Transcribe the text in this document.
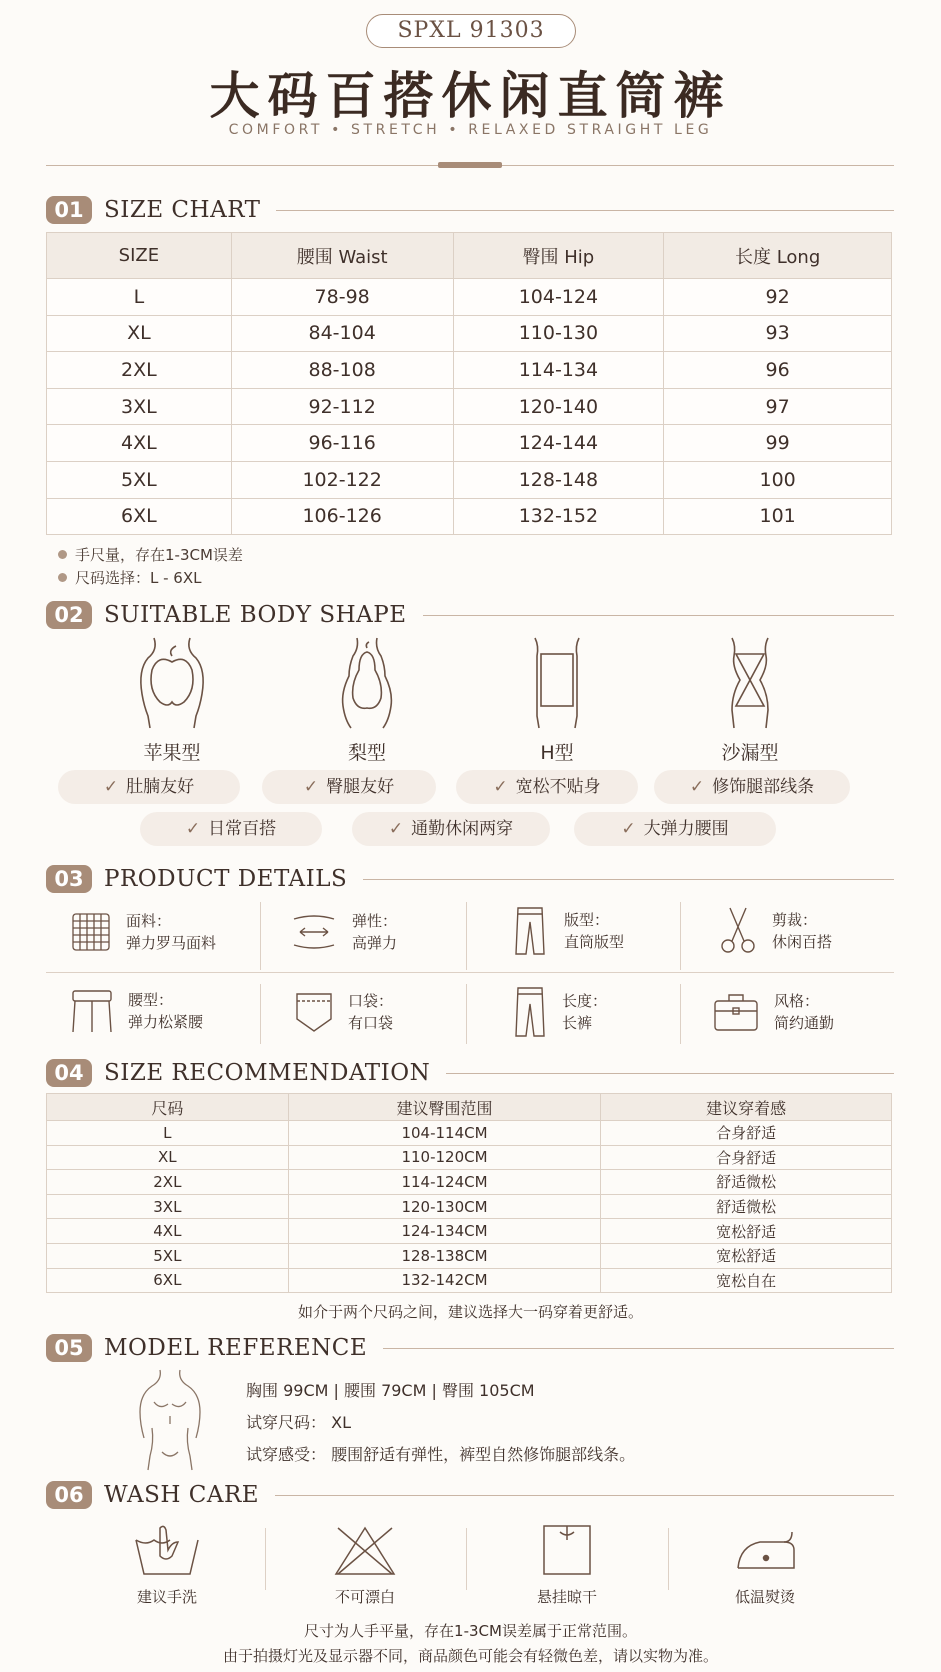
SPXL 91303
大码百搭休闲直筒裤
COMFORT • STRETCH • RELAXED STRAIGHT LEG
01 SIZE CHART
SIZE	腰围 Waist	臀围 Hip	长度 Long
L	78-98	104-124	92
XL	84-104	110-130	93
2XL	88-108	114-134	96
3XL	92-112	120-140	97
4XL	96-116	124-144	99
5XL	102-122	128-148	100
6XL	106-126	132-152	101
手尺量，存在1-3CM误差
尺码选择：L - 6XL
02 SUITABLE BODY SHAPE
苹果型	梨型	H型	沙漏型
✓ 肚腩友好	✓ 臀腿友好	✓ 宽松不贴身	✓ 修饰腿部线条
✓ 日常百搭	✓ 通勤休闲两穿	✓ 大弹力腰围
03 PRODUCT DETAILS
面料：
弹力罗马面料
弹性：
高弹力
版型：
直筒版型
剪裁：
休闲百搭
腰型：
弹力松紧腰
口袋：
有口袋
长度：
长裤
风格：
简约通勤
04 SIZE RECOMMENDATION
尺码	建议臀围范围	建议穿着感
L	104-114CM	合身舒适
XL	110-120CM	合身舒适
2XL	114-124CM	舒适微松
3XL	120-130CM	舒适微松
4XL	124-134CM	宽松舒适
5XL	128-138CM	宽松舒适
6XL	132-142CM	宽松自在
如介于两个尺码之间，建议选择大一码穿着更舒适。
05 MODEL REFERENCE
胸围 99CM | 腰围 79CM | 臀围 105CM
试穿尺码： XL
试穿感受： 腰围舒适有弹性，裤型自然修饰腿部线条。
06 WASH CARE
建议手洗	不可漂白	悬挂晾干	低温熨烫
尺寸为人手平量，存在1-3CM误差属于正常范围。
由于拍摄灯光及显示器不同，商品颜色可能会有轻微色差，请以实物为准。
